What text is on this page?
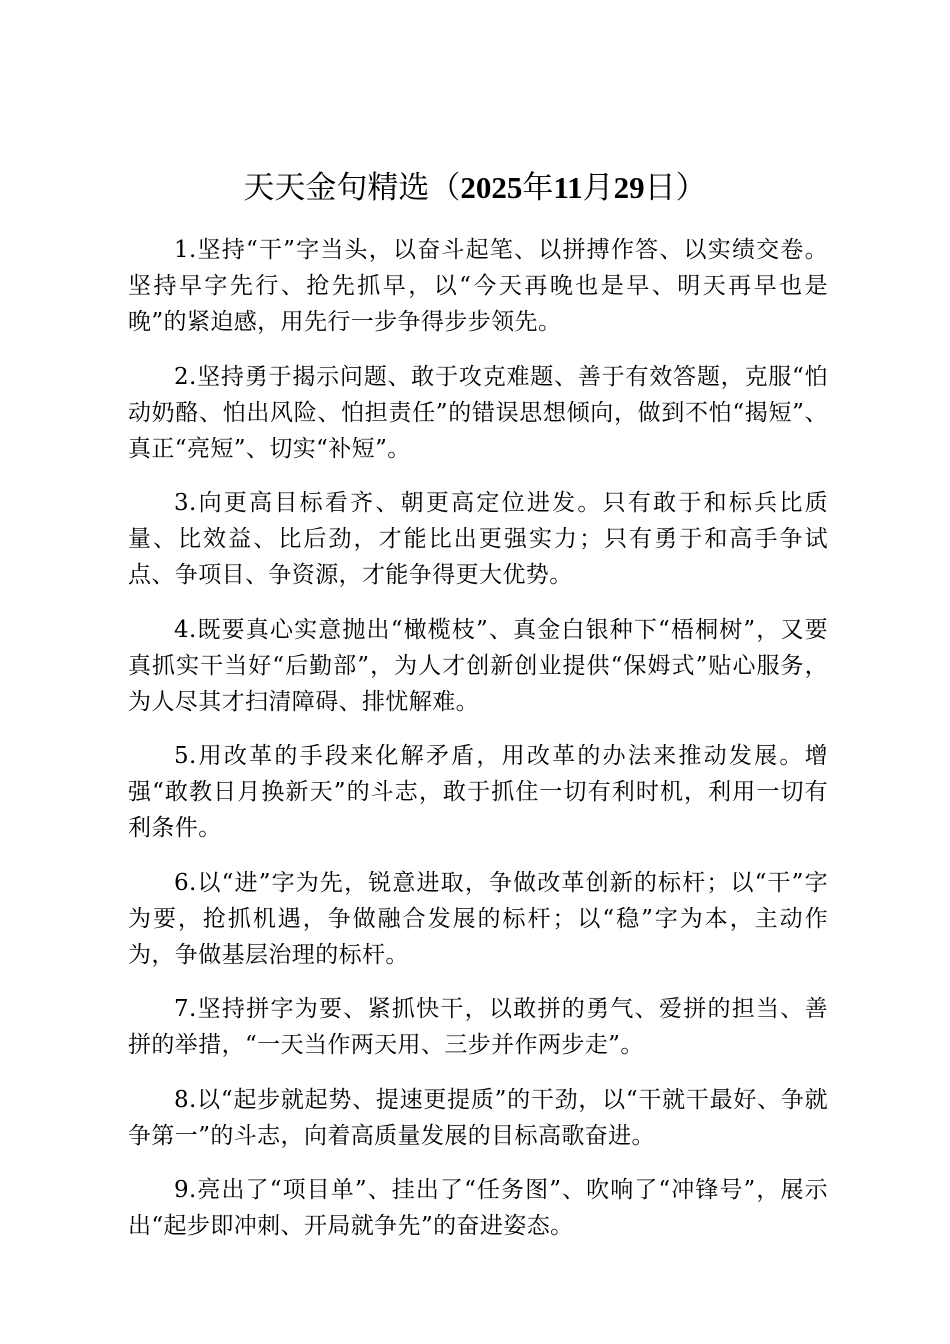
天天金句精选（2025年11月29日）

1.坚持“干”字当头，以奋斗起笔、以拼搏作答、以实绩交卷。坚持早字先行、抢先抓早，以“今天再晚也是早、明天再早也是晚”的紧迫感，用先行一步争得步步领先。

2.坚持勇于揭示问题、敢于攻克难题、善于有效答题，克服“怕动奶酪、怕出风险、怕担责任”的错误思想倾向，做到不怕“揭短”、真正“亮短”、切实“补短”。

3.向更高目标看齐、朝更高定位进发。只有敢于和标兵比质量、比效益、比后劲，才能比出更强实力；只有勇于和高手争试点、争项目、争资源，才能争得更大优势。

4.既要真心实意抛出“橄榄枝”、真金白银种下“梧桐树”，又要真抓实干当好“后勤部”，为人才创新创业提供“保姆式”贴心服务，为人尽其才扫清障碍、排忧解难。

5.用改革的手段来化解矛盾，用改革的办法来推动发展。增强“敢教日月换新天”的斗志，敢于抓住一切有利时机，利用一切有利条件。

6.以“进”字为先，锐意进取，争做改革创新的标杆；以“干”字为要，抢抓机遇，争做融合发展的标杆；以“稳”字为本，主动作为，争做基层治理的标杆。

7.坚持拼字为要、紧抓快干，以敢拼的勇气、爱拼的担当、善拼的举措，“一天当作两天用、三步并作两步走”。

8.以“起步就起势、提速更提质”的干劲，以“干就干最好、争就争第一”的斗志，向着高质量发展的目标高歌奋进。

9.亮出了“项目单”、挂出了“任务图”、吹响了“冲锋号”，展示出“起步即冲刺、开局就争先”的奋进姿态。
